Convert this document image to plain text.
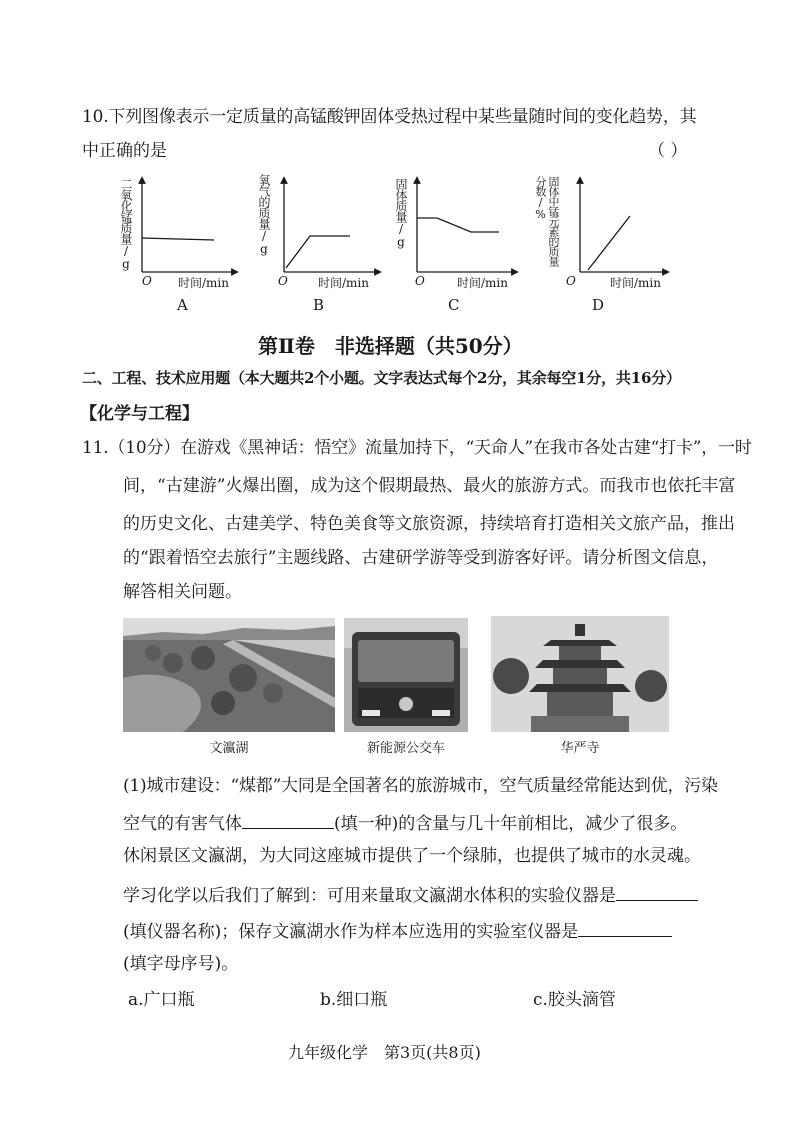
10.下列图像表示一定质量的高锰酸钾固体受热过程中某些量随时间的变化趋势，其
中正确的是	（ ）
二氧化锰质量/g
O 时间/min
A
氧气的质量/g
O	时间/min
B
固体质量/g
O	时间/min
C
固体中锰元素的质量分数/%
O	时间/min
D
第Ⅱ卷　非选择题（共50分）
二、工程、技术应用题（本大题共2个小题。文字表达式每个2分，其余每空1分，共16分）
【化学与工程】
11.（10分）在游戏《黑神话：悟空》流量加持下，“天命人”在我市各处古建“打卡”，一时
间，“古建游”火爆出圈，成为这个假期最热、最火的旅游方式。而我市也依托丰富
的历史文化、古建美学、特色美食等文旅资源，持续培育打造相关文旅产品，推出
的“跟着悟空去旅行”主题线路、古建研学游等受到游客好评。请分析图文信息，
解答相关问题。
文瀛湖	新能源公交车	华严寺
(1)城市建设：“煤都”大同是全国著名的旅游城市，空气质量经常能达到优，污染
空气的有害气体	(填一种)的含量与几十年前相比，减少了很多。
休闲景区文瀛湖，为大同这座城市提供了一个绿肺，也提供了城市的水灵魂。
学习化学以后我们了解到：可用来量取文瀛湖水体积的实验仪器是
(填仪器名称)；保存文瀛湖水作为样本应选用的实验室仪器是
(填字母序号)。
a.广口瓶	b.细口瓶	c.胶头滴管
九年级化学　第3页(共8页)
